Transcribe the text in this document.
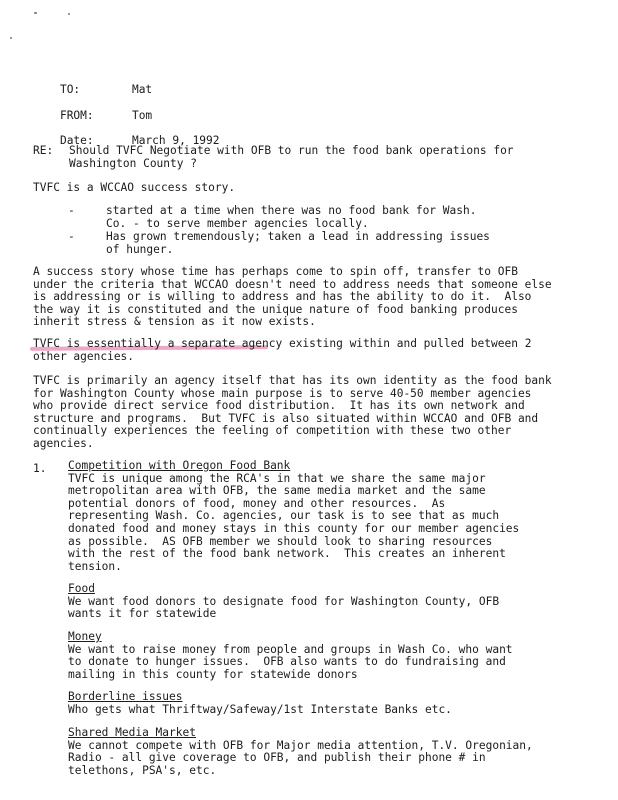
TO:	Mat

FROM:	Tom

Date:	March 9, 1992

RE: Should TVFC Negotiate with OFB to run the food bank operations for
Washington County ?

TVFC is a WCCAO success story.

-	started at a time when there was no food bank for Wash.
Co. - to serve member agencies locally.
-	Has grown tremendously; taken a lead in addressing issues
of hunger.

A success story whose time has perhaps come to spin off, transfer to OFB

under the criteria that WCCAO doesn't need to address needs that someone else

is addressing or is willing to address and has the ability to do it.  Also

the way it is constituted and the unique nature of food banking produces

inherit stress & tension as it now exists.

TVFC is essentially a separate agency existing within and pulled between 2

other agencies.

TVFC is primarily an agency itself that has its own identity as the food bank

for Washington County whose main purpose is to serve 40-50 member agencies

who provide direct service food distribution.  It has its own network and

structure and programs.  But TVFC is also situated within WCCAO and OFB and

continually experiences the feeling of competition with these two other

agencies.

1. Competition with Oregon Food Bank
TVFC is unique among the RCA's in that we share the same major
metropolitan area with OFB, the same media market and the same
potential donors of food, money and other resources.  As
representing Wash. Co. agencies, our task is to see that as much
donated food and money stays in this county for our member agencies
as possible.  AS OFB member we should look to sharing resources
with the rest of the food bank network.  This creates an inherent
tension.
Food
We want food donors to designate food for Washington County, OFB
wants it for statewide
Money
We want to raise money from people and groups in Wash Co. who want
to donate to hunger issues.  OFB also wants to do fundraising and
mailing in this county for statewide donors
Borderline issues
Who gets what Thriftway/Safeway/1st Interstate Banks etc.
Shared Media Market
We cannot compete with OFB for Major media attention, T.V. Oregonian,
Radio - all give coverage to OFB, and publish their phone # in
telethons, PSA's, etc.
